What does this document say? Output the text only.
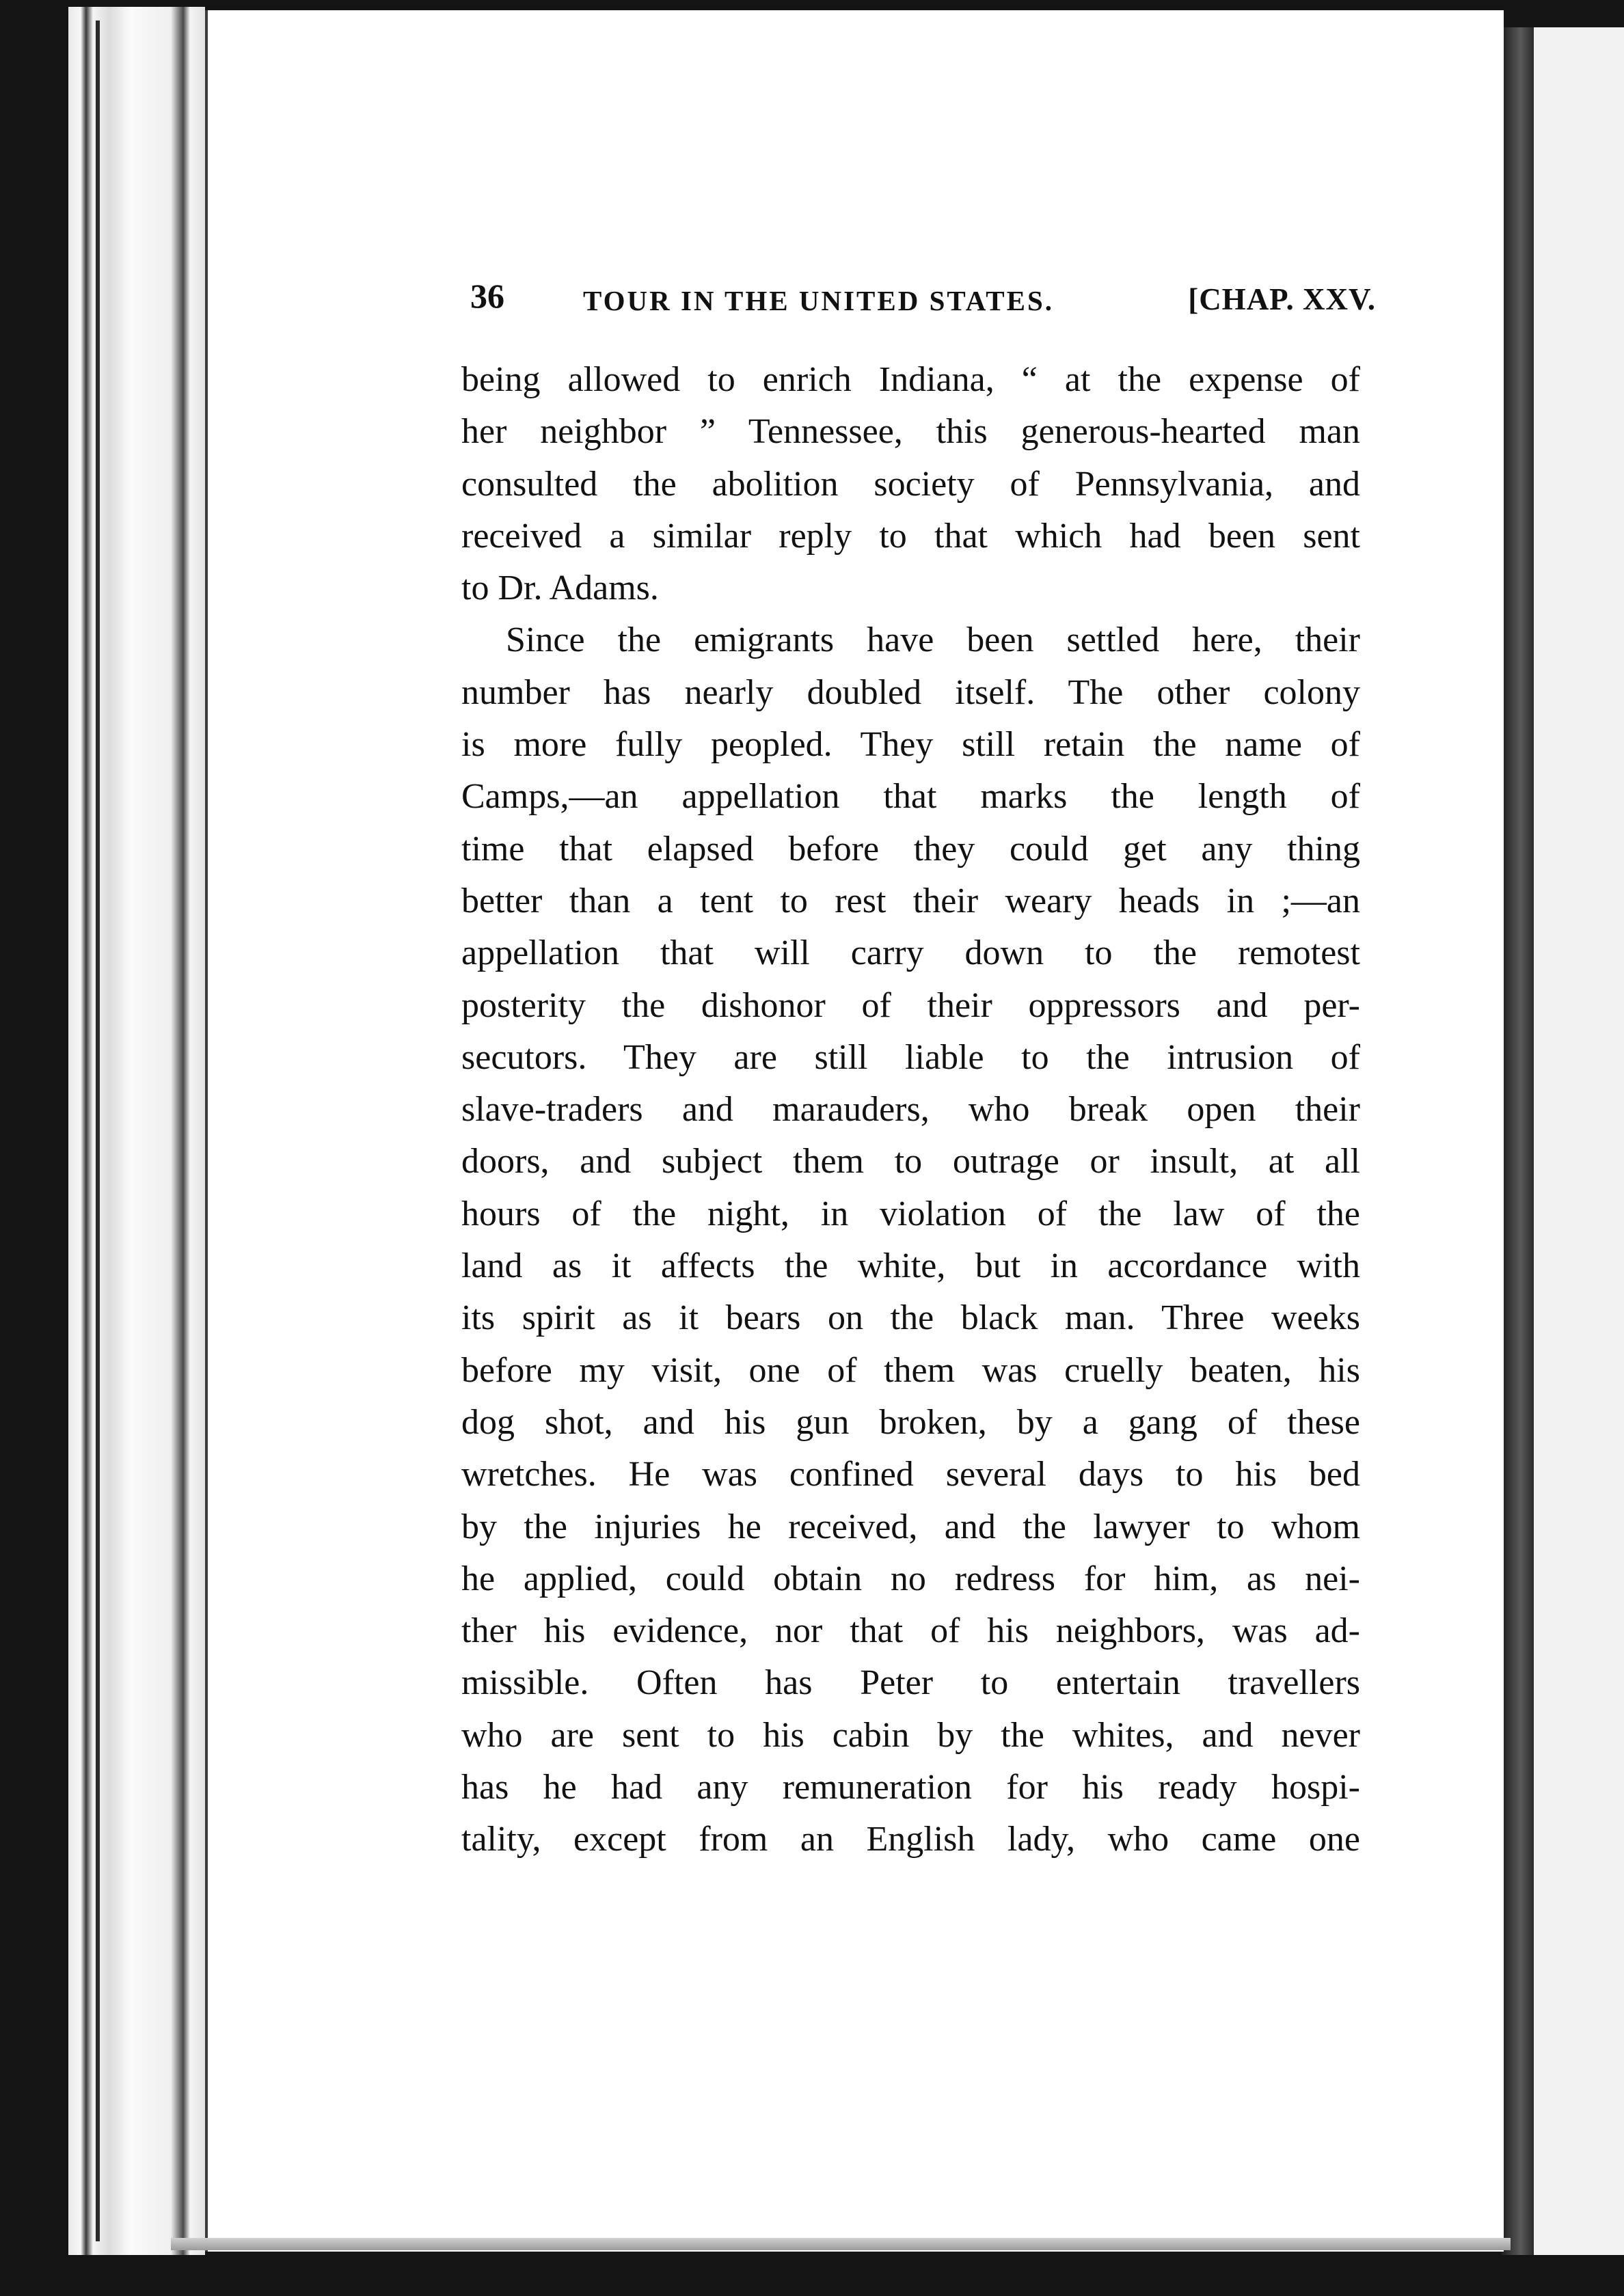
36	TOUR IN THE UNITED STATES.	[CHAP. XXV.
being allowed to enrich Indiana, “ at the expense of
her neighbor ” Tennessee, this generous-hearted man
consulted the abolition society of Pennsylvania, and
received a similar reply to that which had been sent
to Dr. Adams.
Since the emigrants have been settled here, their
number has nearly doubled itself. The other colony
is more fully peopled. They still retain the name of
Camps,—an appellation that marks the length of
time that elapsed before they could get any thing
better than a tent to rest their weary heads in ;—an
appellation that will carry down to the remotest
posterity the dishonor of their oppressors and per-
secutors. They are still liable to the intrusion of
slave-traders and marauders, who break open their
doors, and subject them to outrage or insult, at all
hours of the night, in violation of the law of the
land as it affects the white, but in accordance with
its spirit as it bears on the black man. Three weeks
before my visit, one of them was cruelly beaten, his
dog shot, and his gun broken, by a gang of these
wretches. He was confined several days to his bed
by the injuries he received, and the lawyer to whom
he applied, could obtain no redress for him, as nei-
ther his evidence, nor that of his neighbors, was ad-
missible. Often has Peter to entertain travellers
who are sent to his cabin by the whites, and never
has he had any remuneration for his ready hospi-
tality, except from an English lady, who came one
